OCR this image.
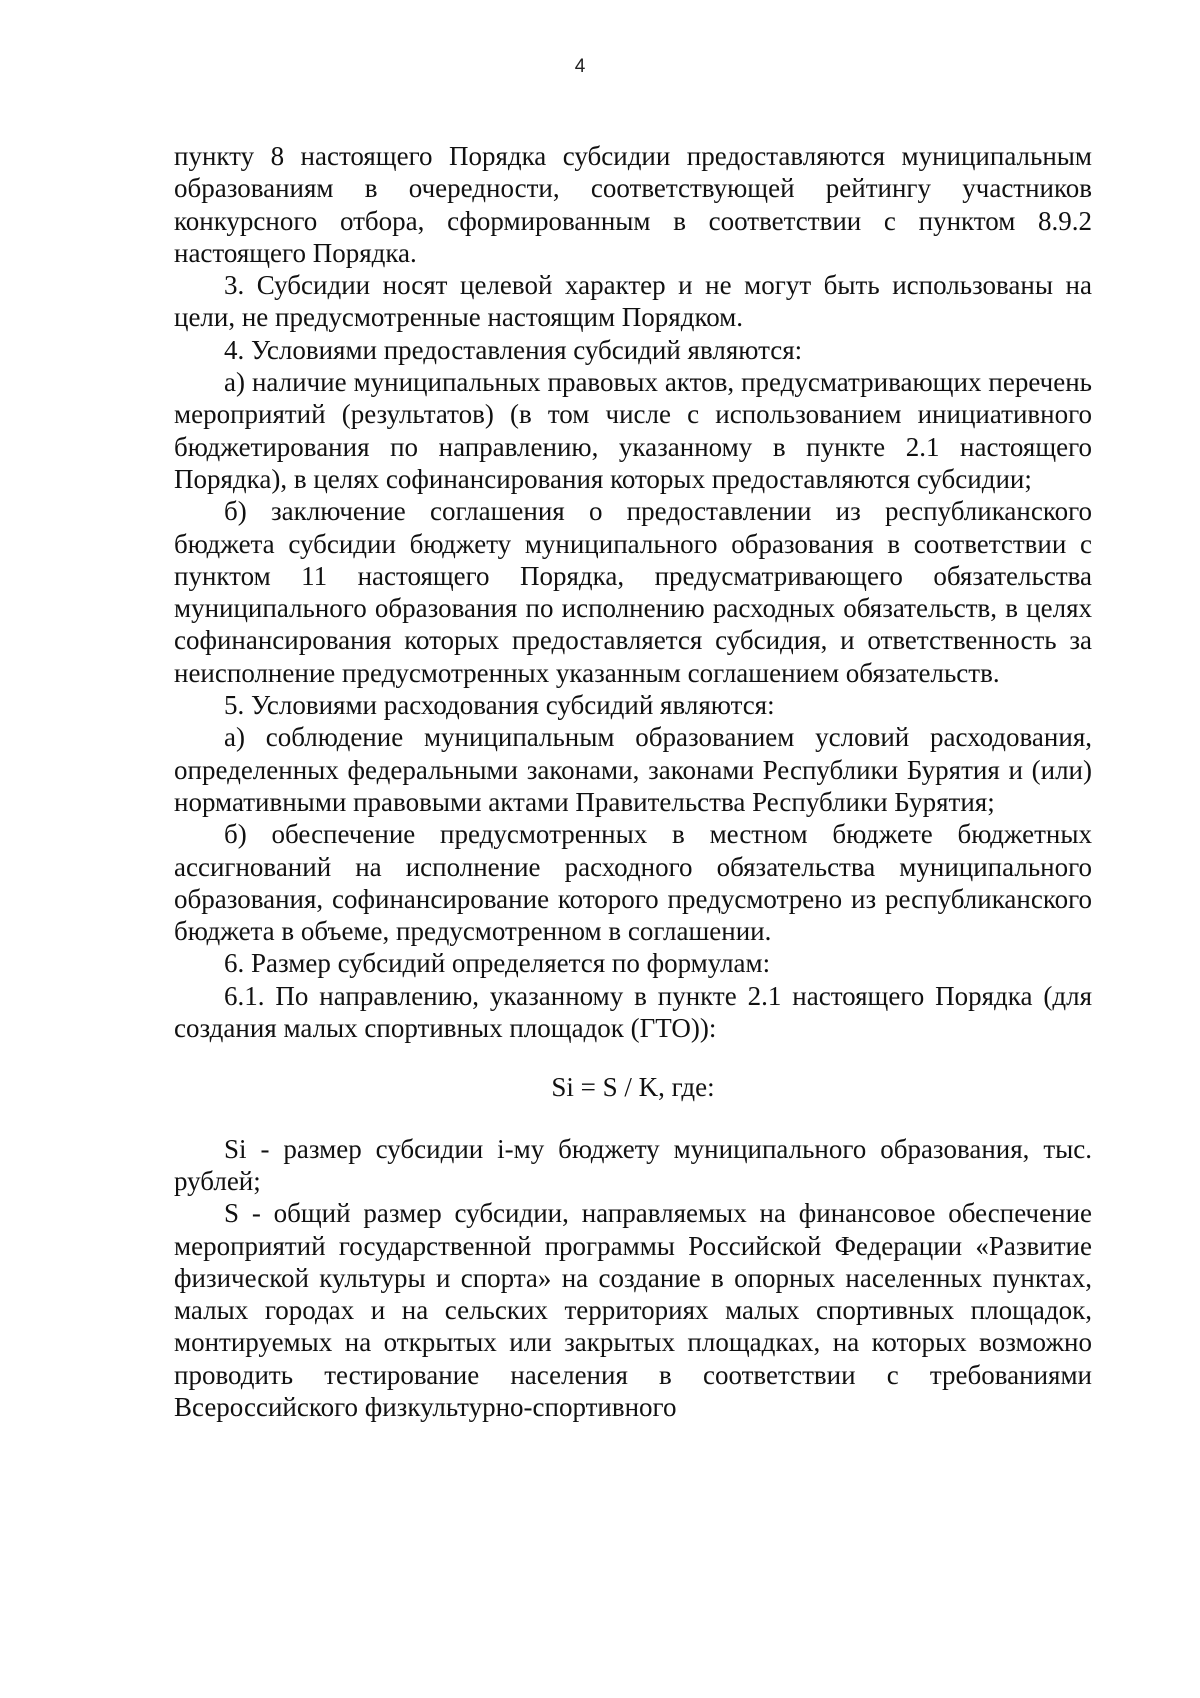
4

пункту 8 настоящего Порядка субсидии предоставляются муниципальным образованиям в очередности, соответствующей рейтингу участников конкурсного отбора, сформированным в соответствии с пунктом 8.9.2 настоящего Порядка.

3. Субсидии носят целевой характер и не могут быть использованы на цели, не предусмотренные настоящим Порядком.

4. Условиями предоставления субсидий являются:

а) наличие муниципальных правовых актов, предусматривающих перечень мероприятий (результатов) (в том числе с использованием инициативного бюджетирования по направлению, указанному в пункте 2.1 настоящего Порядка), в целях софинансирования которых предоставляются субсидии;

б) заключение соглашения о предоставлении из республиканского бюджета субсидии бюджету муниципального образования в соответствии с пунктом 11 настоящего Порядка, предусматривающего обязательства муниципального образования по исполнению расходных обязательств, в целях софинансирования которых предоставляется субсидия, и ответственность за неисполнение предусмотренных указанным соглашением обязательств.

5. Условиями расходования субсидий являются:

а) соблюдение муниципальным образованием условий расходования, определенных федеральными законами, законами Республики Бурятия и (или) нормативными правовыми актами Правительства Республики Бурятия;

б) обеспечение предусмотренных в местном бюджете бюджетных ассигнований на исполнение расходного обязательства муниципального образования, софинансирование которого предусмотрено из республиканского бюджета в объеме, предусмотренном в соглашении.

6. Размер субсидий определяется по формулам:

6.1. По направлению, указанному в пункте 2.1 настоящего Порядка (для создания малых спортивных площадок (ГТО)):

Si = S / K, где:

Si - размер субсидии i-му бюджету муниципального образования, тыс. рублей;

S - общий размер субсидии, направляемых на финансовое обеспечение мероприятий государственной программы Российской Федерации «Развитие физической культуры и спорта» на создание в опорных населенных пунктах, малых городах и на сельских территориях малых спортивных площадок, монтируемых на открытых или закрытых площадках, на которых возможно проводить тестирование населения в соответствии с требованиями Всероссийского физкультурно-спортивного
